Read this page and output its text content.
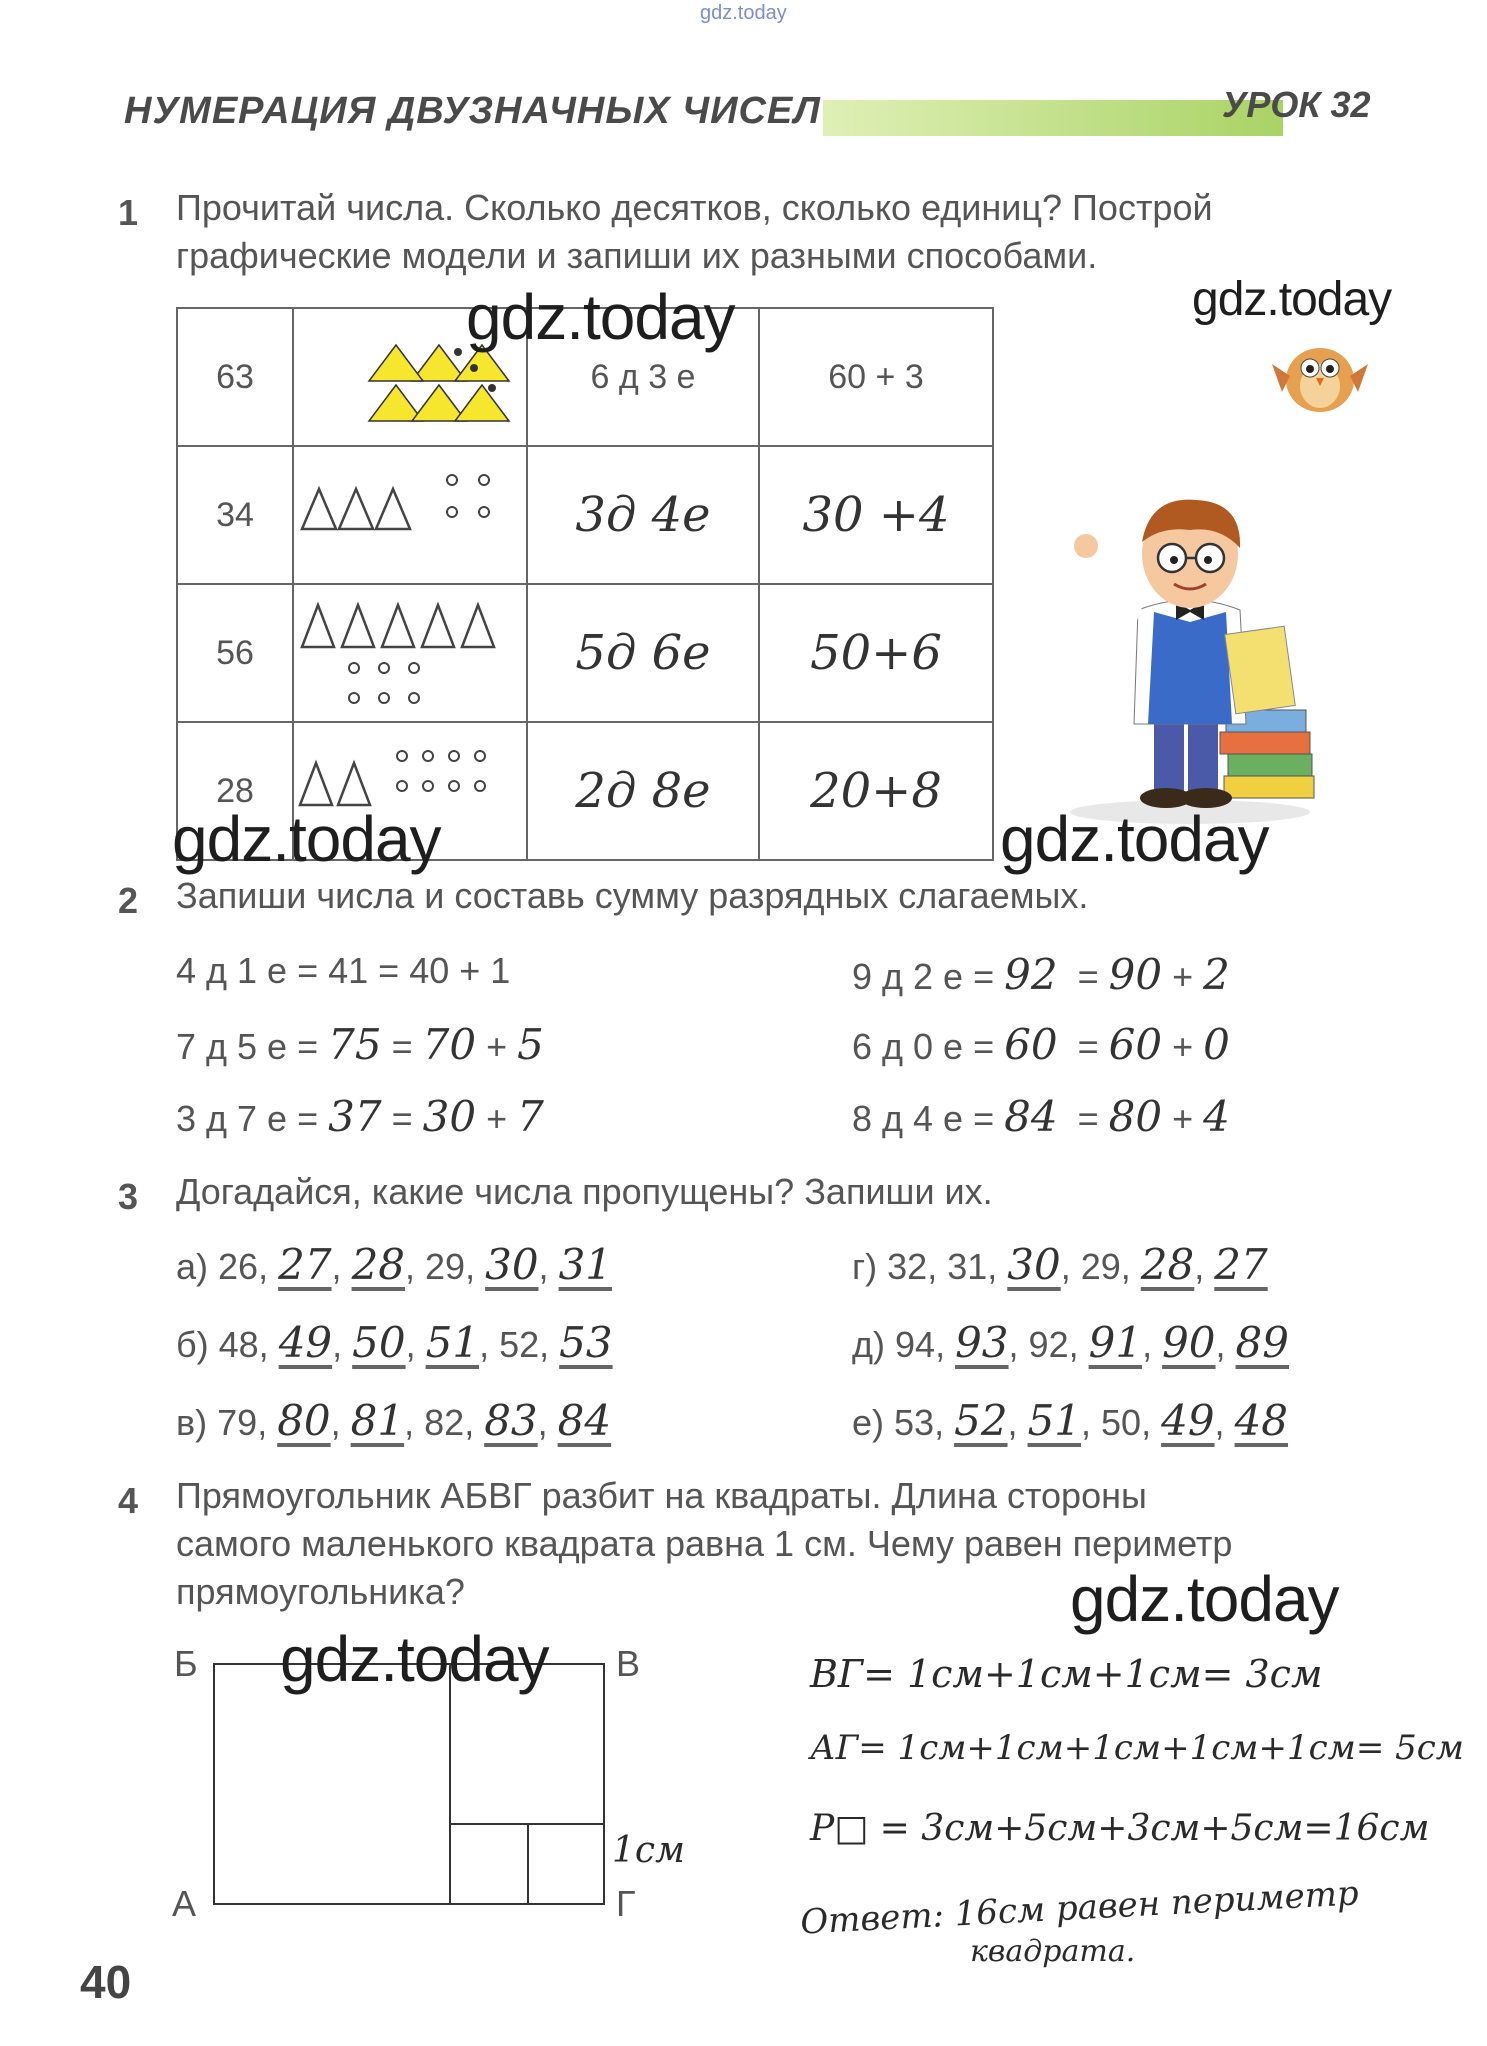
gdz.today
НУМЕРАЦИЯ ДВУЗНАЧНЫХ ЧИСЕЛ	УРОК 32
1 Прочитай числа. Сколько десятков, сколько единиц? Построй
графические модели и запиши их разными способами.
63		6 д 3 е	60 + 3
34		3д 4е	30 +4
56		5д 6е	50+6
28		2д 8е	20+8
2 Запиши числа и составь сумму разрядных слагаемых.
4 д 1 е = 41 = 40 + 1
7 д 5 е = 75 = 70 + 5
3 д 7 е = 37 = 30 + 7
9 д 2 е = 92  = 90 + 2
6 д 0 е = 60  = 60 + 0
8 д 4 е = 84  = 80 + 4
3 Догадайся, какие числа пропущены? Запиши их.
а) 26, 27, 28, 29, 30, 31
б) 48, 49, 50, 51, 52, 53
в) 79, 80, 81, 82, 83, 84
г) 32, 31, 30, 29, 28, 27
д) 94, 93, 92, 91, 90, 89
е) 53, 52, 51, 50, 49, 48
4 Прямоугольник АБВГ разбит на квадраты. Длина стороны
самого маленького квадрата равна 1 см. Чему равен периметр
прямоугольника?
Б	В
А	Г
1см
ВГ= 1см+1см+1см= 3см
АГ= 1см+1см+1см+1см+1см= 5см
Р□ = 3см+5см+3см+5см=16см
Ответ: 16см равен периметр
квадрата.
40
gdz.today	gdz.today
gdz.today	gdz.today
gdz.today
gdz.today
